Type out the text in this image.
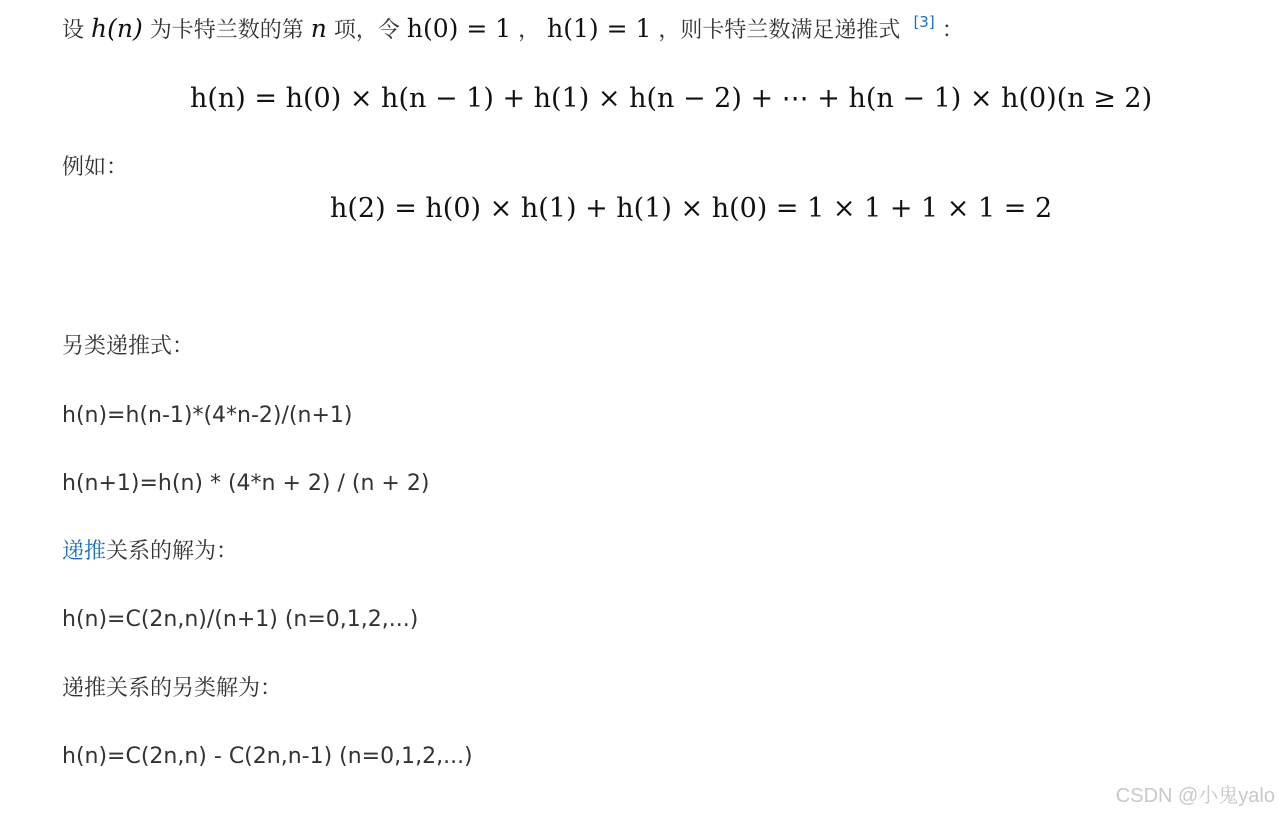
设 h(n) 为卡特兰数的第 n 项，令 h(0) = 1 ， h(1) = 1 ，则卡特兰数满足递推式 [3] ：
h(n) = h(0) × h(n − 1) + h(1) × h(n − 2) + ⋯ + h(n − 1) × h(0)(n ≥ 2)
例如：
h(2) = h(0) × h(1) + h(1) × h(0) = 1 × 1 + 1 × 1 = 2
另类递推式：
h(n)=h(n-1)*(4*n-2)/(n+1)
h(n+1)=h(n) * (4*n + 2) / (n + 2)
递推关系的解为：
h(n)=C(2n,n)/(n+1) (n=0,1,2,...)
递推关系的另类解为：
h(n)=C(2n,n) - C(2n,n-1) (n=0,1,2,...)
CSDN @小鬼yalo
